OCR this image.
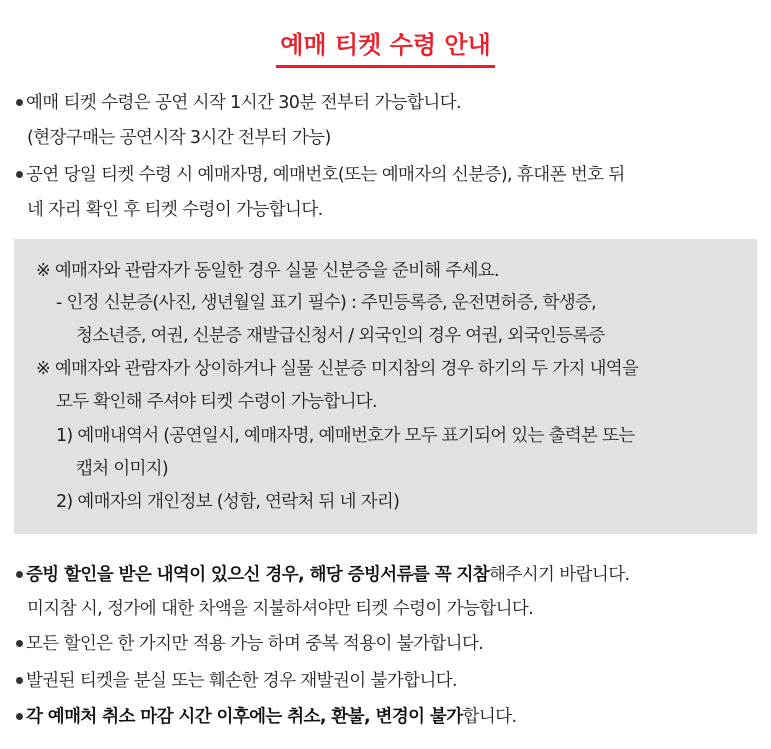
예매 티켓 수령 안내
예매 티켓 수령은 공연 시작 1시간 30분 전부터 가능합니다.
(현장구매는 공연시작 3시간 전부터 가능)
공연 당일 티켓 수령 시 예매자명, 예매번호(또는 예매자의 신분증), 휴대폰 번호 뒤
네 자리 확인 후 티켓 수령이 가능합니다.
※ 예매자와 관람자가 동일한 경우 실물 신분증을 준비해 주세요.
- 인정 신분증(사진, 생년월일 표기 필수) : 주민등록증, 운전면허증, 학생증,
청소년증, 여권, 신분증 재발급신청서 / 외국인의 경우 여권, 외국인등록증
※ 예매자와 관람자가 상이하거나 실물 신분증 미지참의 경우 하기의 두 가지 내역을
모두 확인해 주셔야 티켓 수령이 가능합니다.
1) 예매내역서 (공연일시, 예매자명, 예매번호가 모두 표기되어 있는 출력본 또는
캡처 이미지)
2) 예매자의 개인정보 (성함, 연락처 뒤 네 자리)
증빙 할인을 받은 내역이 있으신 경우, 해당 증빙서류를 꼭 지참해주시기 바랍니다.
미지참 시, 정가에 대한 차액을 지불하셔야만 티켓 수령이 가능합니다.
모든 할인은 한 가지만 적용 가능 하며 중복 적용이 불가합니다.
발권된 티켓을 분실 또는 훼손한 경우 재발권이 불가합니다.
각 예매처 취소 마감 시간 이후에는 취소, 환불, 변경이 불가합니다.
